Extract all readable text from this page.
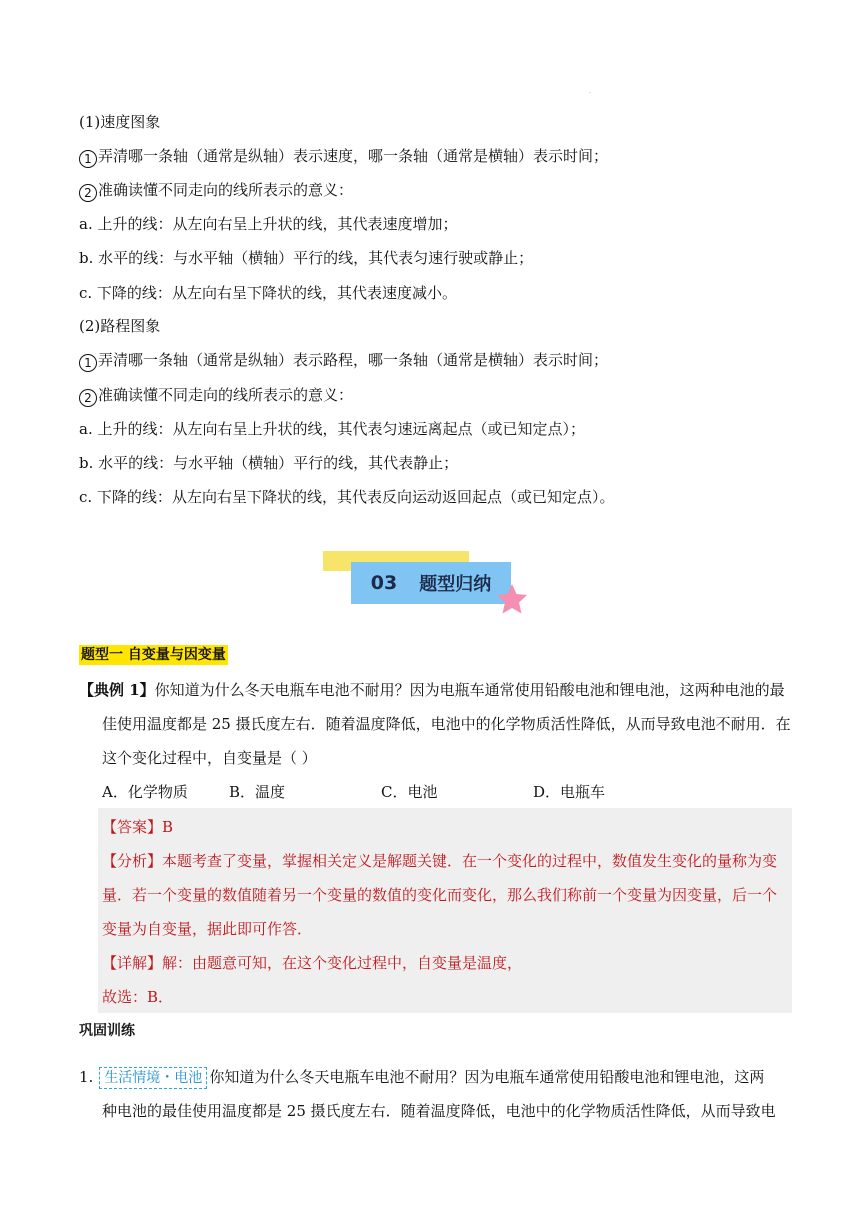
.
(1)速度图象
1 弄清哪一条轴（通常是纵轴）表示速度，哪一条轴（通常是横轴）表示时间；
2 准确读懂不同走向的线所表示的意义：
a. 上升的线：从左向右呈上升状的线，其代表速度增加；
b. 水平的线：与水平轴（横轴）平行的线，其代表匀速行驶或静止；
c. 下降的线：从左向右呈下降状的线，其代表速度减小。
(2)路程图象
1 弄清哪一条轴（通常是纵轴）表示路程，哪一条轴（通常是横轴）表示时间；
2 准确读懂不同走向的线所表示的意义：
a. 上升的线：从左向右呈上升状的线，其代表匀速远离起点（或已知定点）；
b. 水平的线：与水平轴（横轴）平行的线，其代表静止；
c. 下降的线：从左向右呈下降状的线，其代表反向运动返回起点（或已知定点）。
03 题型归纳
题型一 自变量与因变量
【典例 1】你知道为什么冬天电瓶车电池不耐用？因为电瓶车通常使用铅酸电池和锂电池，这两种电池的最
佳使用温度都是 25 摄氏度左右．随着温度降低，电池中的化学物质活性降低，从而导致电池不耐用．在
这个变化过程中，自变量是（ ）
A．化学物质	B．温度	C．电池	D．电瓶车
【答案】B
【分析】本题考查了变量，掌握相关定义是解题关键．在一个变化的过程中，数值发生变化的量称为变
量．若一个变量的数值随着另一个变量的数值的变化而变化，那么我们称前一个变量为因变量，后一个
变量为自变量，据此即可作答．
【详解】解：由题意可知，在这个变化过程中，自变量是温度，
故选：B．
巩固训练
1. 生活情境・电池 你知道为什么冬天电瓶车电池不耐用？因为电瓶车通常使用铅酸电池和锂电池，这两
种电池的最佳使用温度都是 25 摄氏度左右．随着温度降低，电池中的化学物质活性降低，从而导致电
